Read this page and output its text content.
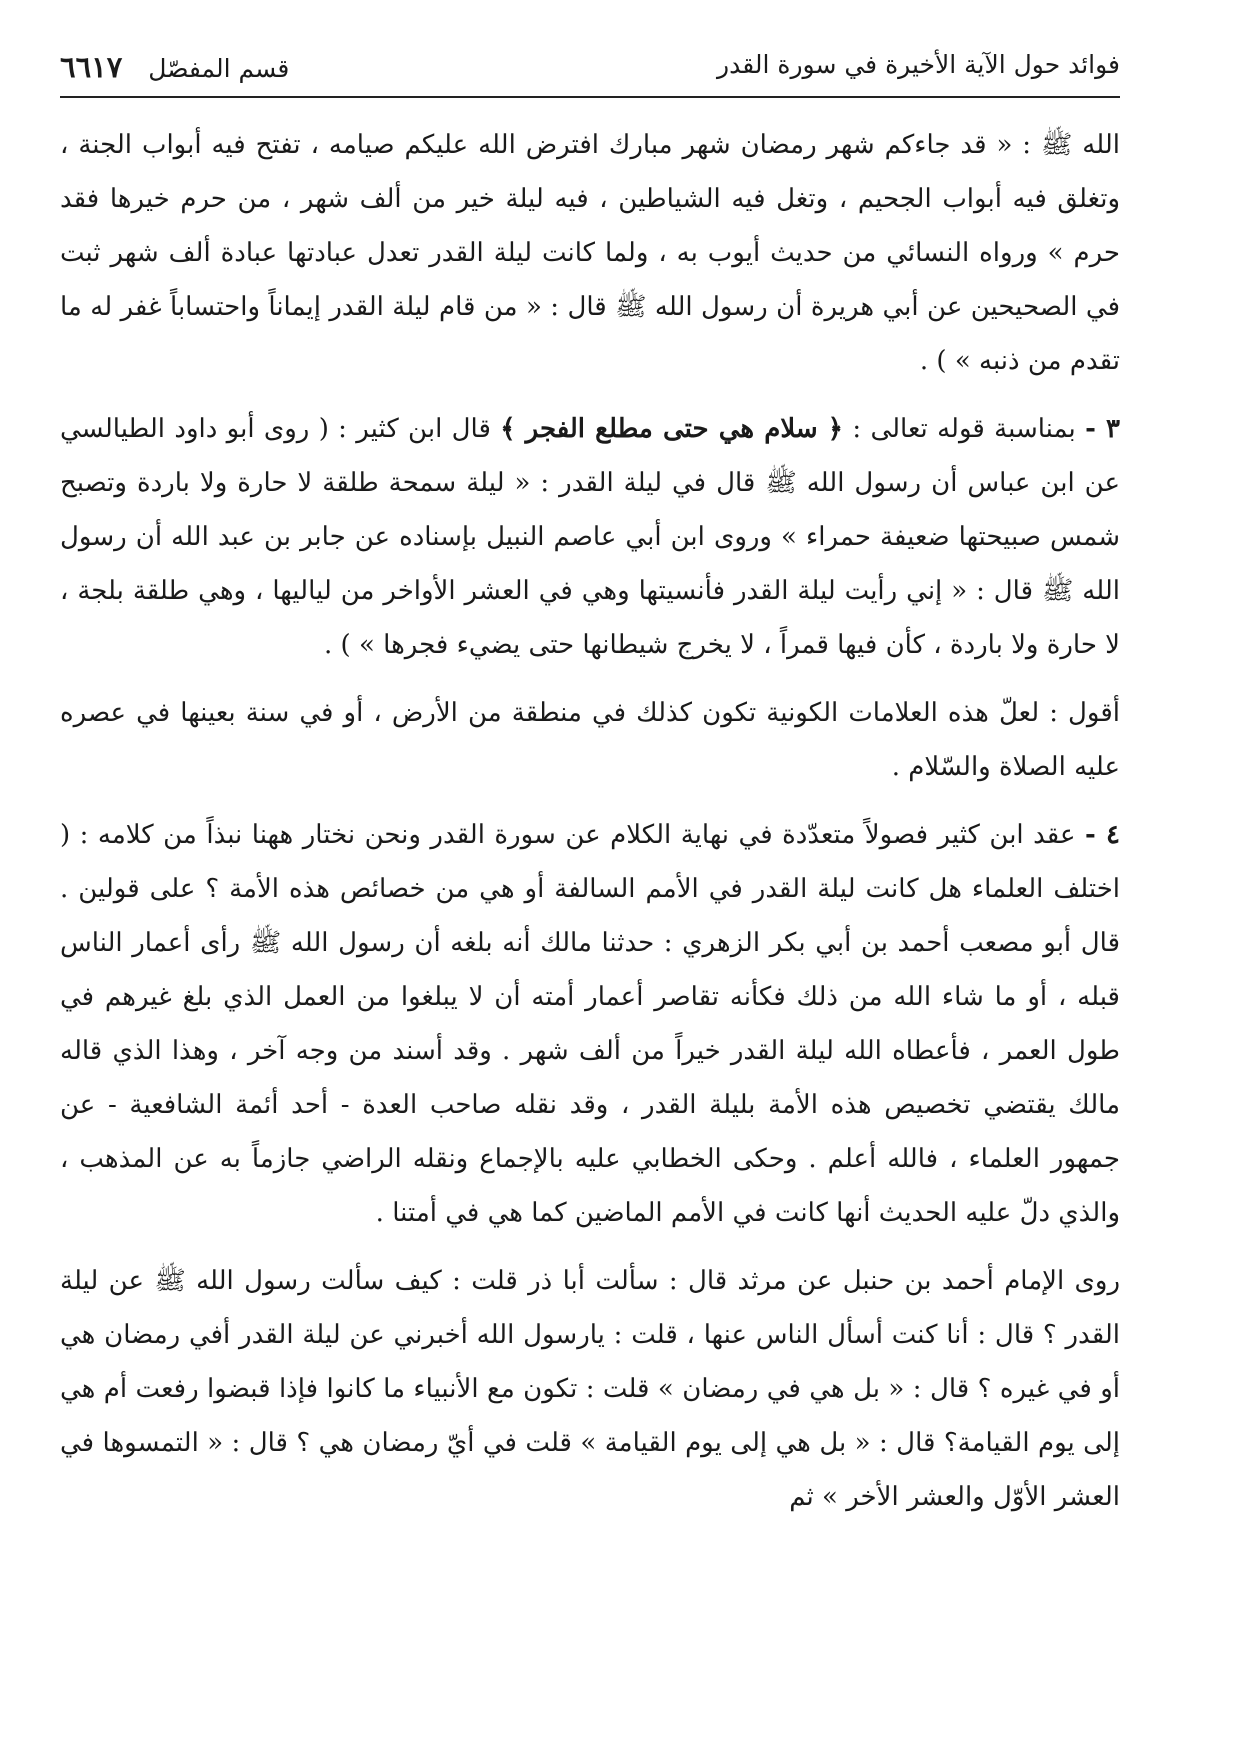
فوائد حول الآية الأخيرة في سورة القدر
قسم المفصّل ٦٦١٧

الله ﷺ : « قد جاءكم شهر رمضان شهر مبارك افترض الله عليكم صيامه ، تفتح فيه أبواب الجنة ، وتغلق فيه أبواب الجحيم ، وتغل فيه الشياطين ، فيه ليلة خير من ألف شهر ، من حرم خيرها فقد حرم » ورواه النسائي من حديث أيوب به ، ولما كانت ليلة القدر تعدل عبادتها عبادة ألف شهر ثبت في الصحيحين عن أبي هريرة أن رسول الله ﷺ قال : « من قام ليلة القدر إيماناً واحتساباً غفر له ما تقدم من ذنبه » ) .

٣ - بمناسبة قوله تعالى : ﴿ سلام هي حتى مطلع الفجر ﴾ قال ابن كثير : ( روى أبو داود الطيالسي عن ابن عباس أن رسول الله ﷺ قال في ليلة القدر : « ليلة سمحة طلقة لا حارة ولا باردة وتصبح شمس صبيحتها ضعيفة حمراء » وروى ابن أبي عاصم النبيل بإسناده عن جابر بن عبد الله أن رسول الله ﷺ قال : « إني رأيت ليلة القدر فأنسيتها وهي في العشر الأواخر من لياليها ، وهي طلقة بلجة ، لا حارة ولا باردة ، كأن فيها قمراً ، لا يخرج شيطانها حتى يضيء فجرها » ) .

أقول : لعلّ هذه العلامات الكونية تكون كذلك في منطقة من الأرض ، أو في سنة بعينها في عصره عليه الصلاة والسّلام .

٤ - عقد ابن كثير فصولاً متعدّدة في نهاية الكلام عن سورة القدر ونحن نختار ههنا نبذاً من كلامه : ( اختلف العلماء هل كانت ليلة القدر في الأمم السالفة أو هي من خصائص هذه الأمة ؟ على قولين . قال أبو مصعب أحمد بن أبي بكر الزهري : حدثنا مالك أنه بلغه أن رسول الله ﷺ رأى أعمار الناس قبله ، أو ما شاء الله من ذلك فكأنه تقاصر أعمار أمته أن لا يبلغوا من العمل الذي بلغ غيرهم في طول العمر ، فأعطاه الله ليلة القدر خيراً من ألف شهر . وقد أسند من وجه آخر ، وهذا الذي قاله مالك يقتضي تخصيص هذه الأمة بليلة القدر ، وقد نقله صاحب العدة - أحد أئمة الشافعية - عن جمهور العلماء ، فالله أعلم . وحكى الخطابي عليه بالإجماع ونقله الراضي جازماً به عن المذهب ، والذي دلّ عليه الحديث أنها كانت في الأمم الماضين كما هي في أمتنا .

روى الإمام أحمد بن حنبل عن مرثد قال : سألت أبا ذر قلت : كيف سألت رسول الله ﷺ عن ليلة القدر ؟ قال : أنا كنت أسأل الناس عنها ، قلت : يارسول الله أخبرني عن ليلة القدر أفي رمضان هي أو في غيره ؟ قال : « بل هي في رمضان » قلت : تكون مع الأنبياء ما كانوا فإذا قبضوا رفعت أم هي إلى يوم القيامة؟ قال : « بل هي إلى يوم القيامة » قلت في أيّ رمضان هي ؟ قال : « التمسوها في العشر الأوّل والعشر الأخر » ثم
